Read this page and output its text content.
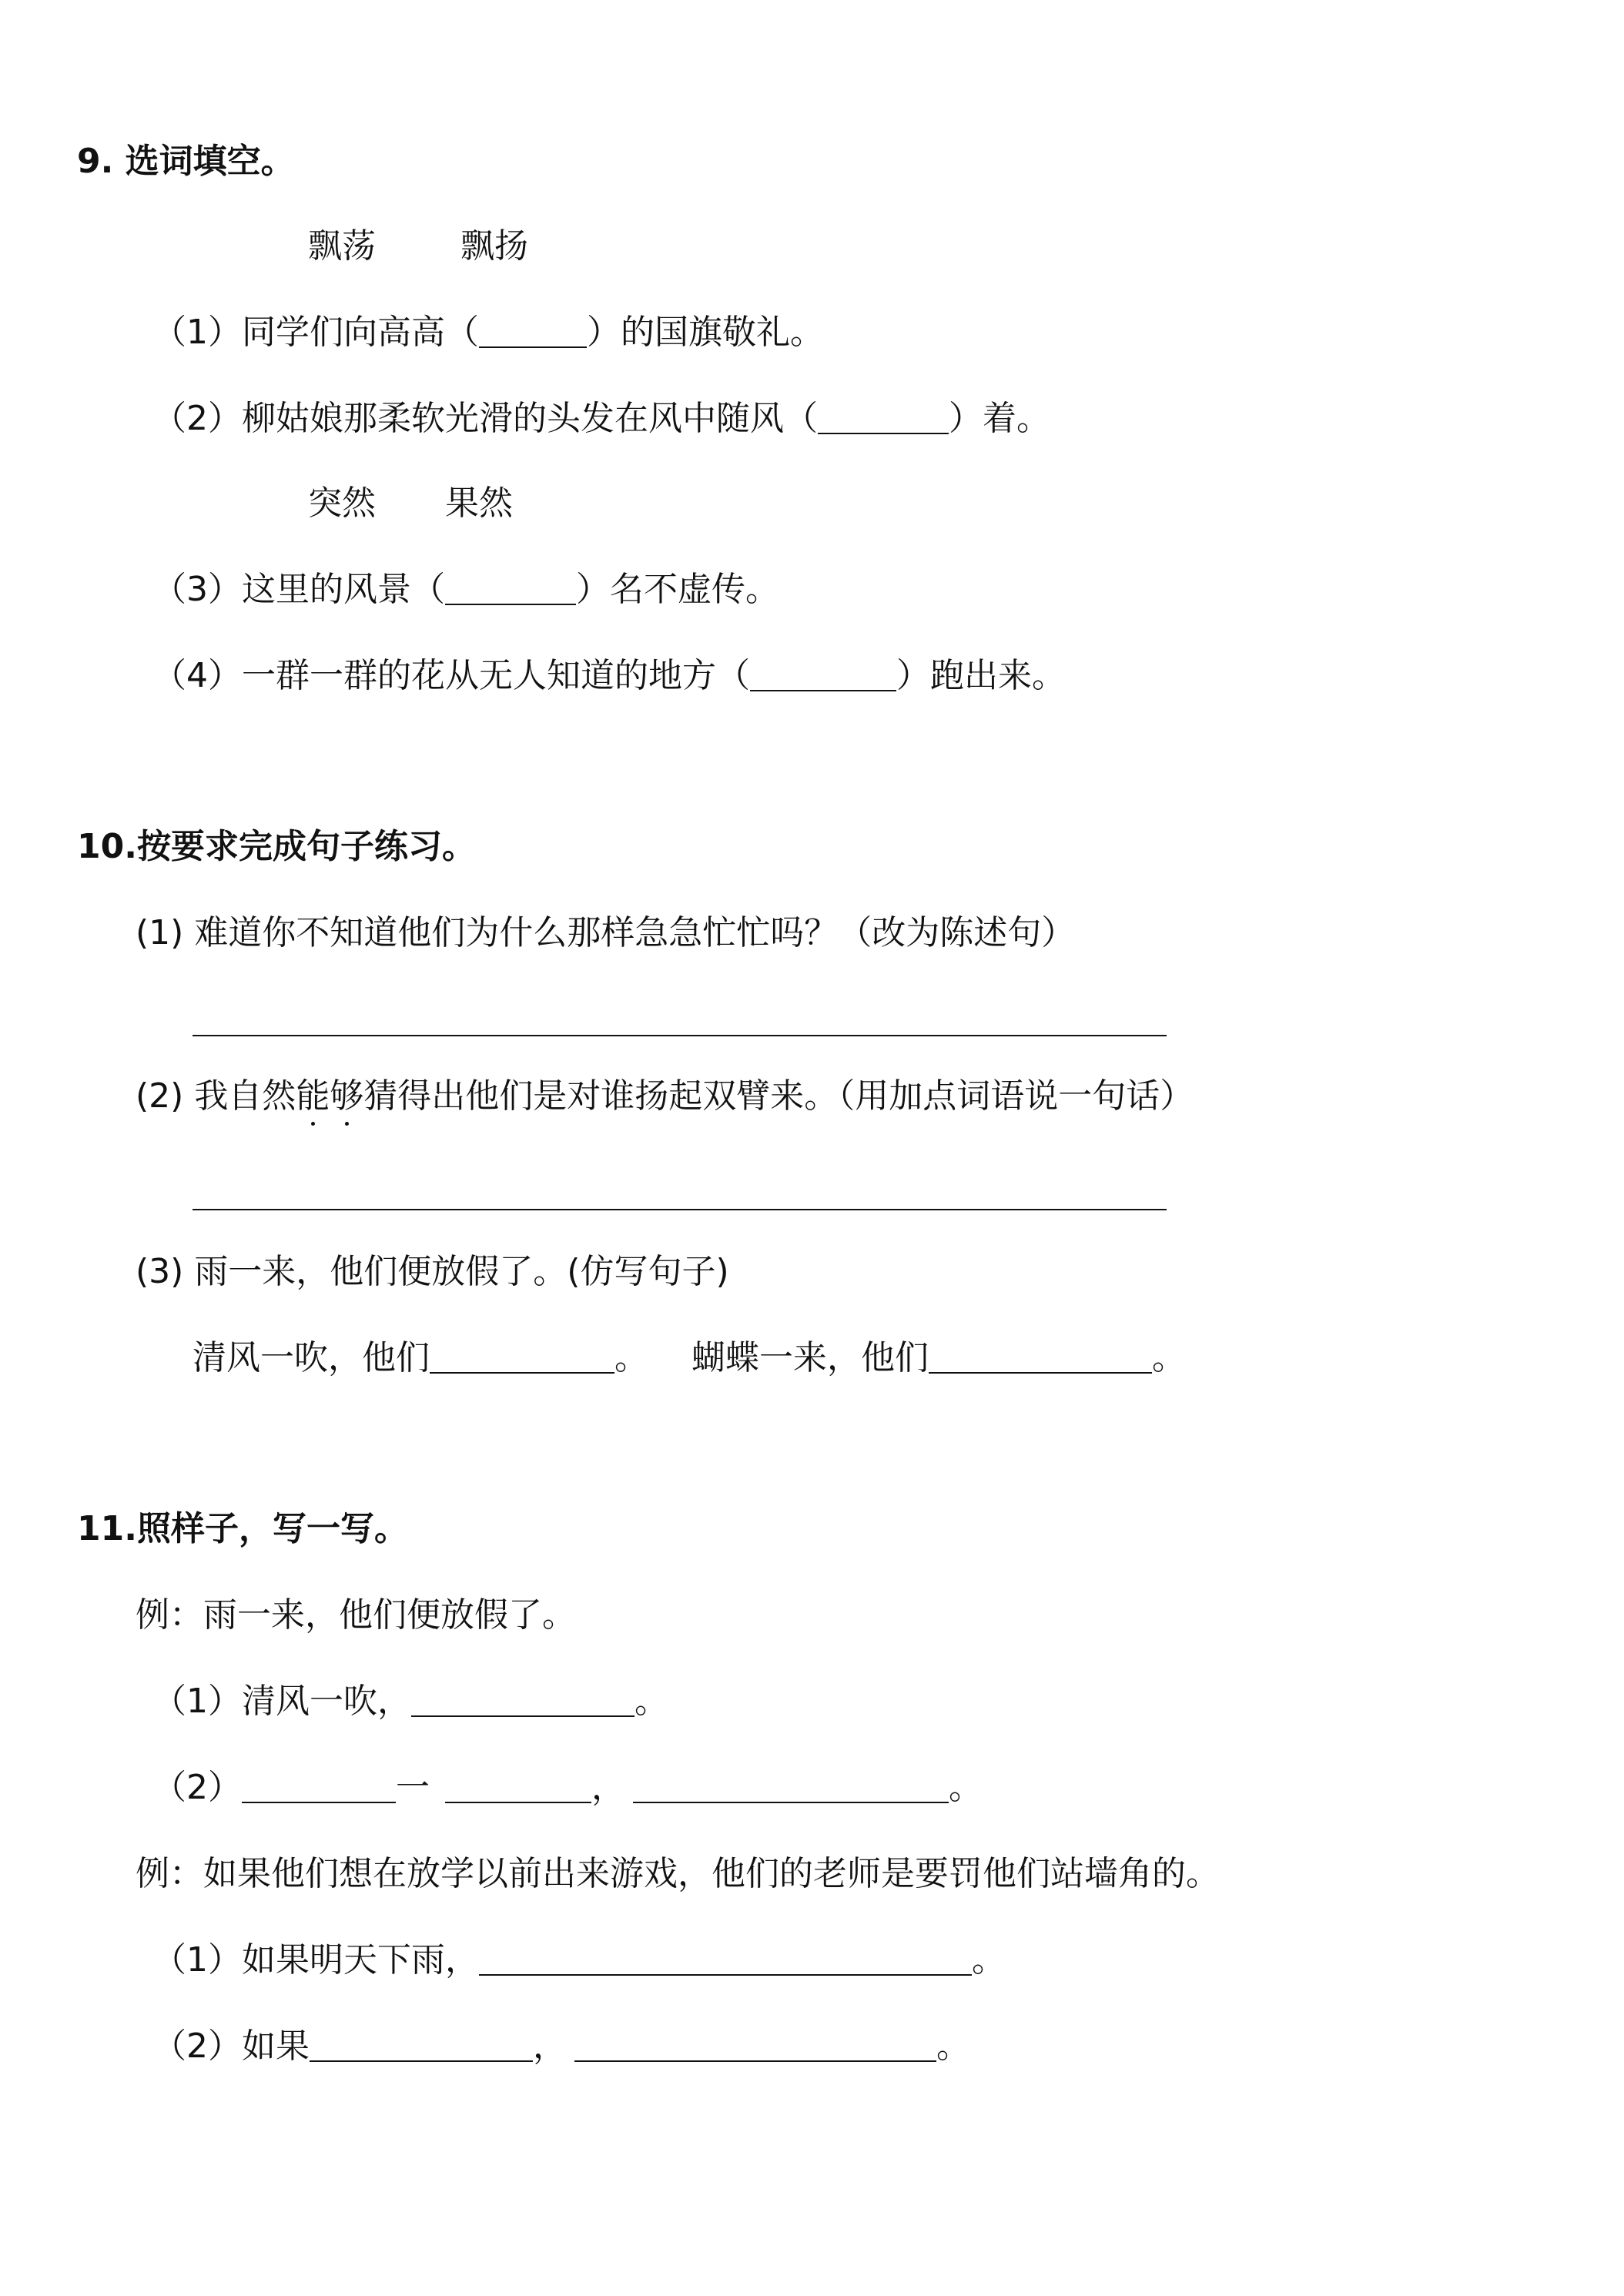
9. 选词填空。
飘荡	飘扬
（1）同学们向高高（	）的国旗敬礼。
（2）柳姑娘那柔软光滑的头发在风中随风（	）着。
突然 果然
（3）这里的风景（	）名不虚传。
（4）一群一群的花从无人知道的地方（	）跑出来。
10.按要求完成句子练习。
(1) 难道你不知道他们为什么那样急急忙忙吗？（改为陈述句）
(2) 我自然能够猜得出他们是对谁扬起双臂来。（用加点词语说一句话）
(3) 雨一来，他们便放假了。(仿写句子)
清风一吹，他们	。    蝴蝶一来，他们	。
11.照样子，写一写。
例：雨一来，他们便放假了。
（1）清风一吹，	。
（2）	一	，	。
例：如果他们想在放学以前出来游戏，他们的老师是要罚他们站墙角的。
（1）如果明天下雨，	。
（2）如果	，	。
